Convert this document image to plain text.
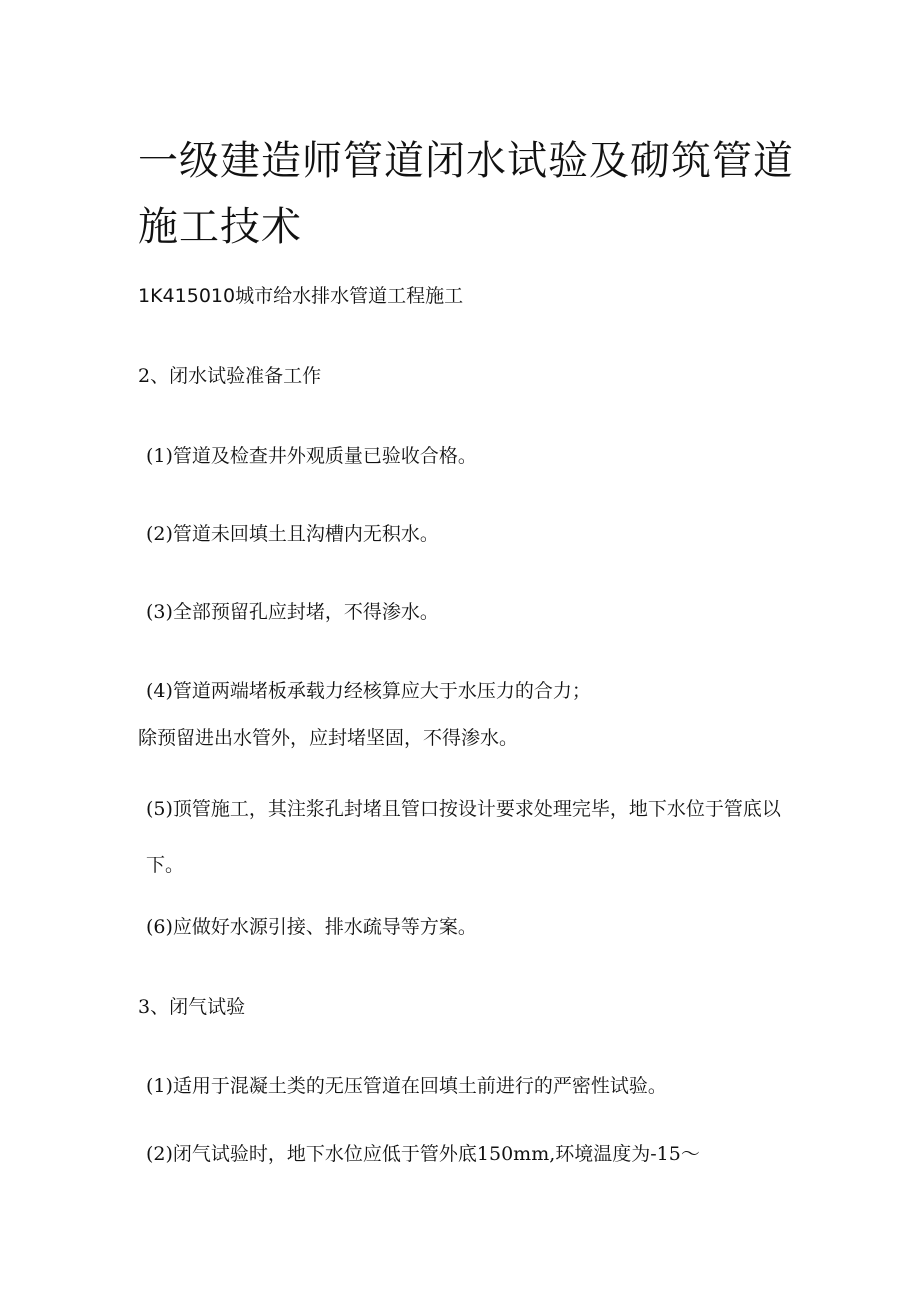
一级建造师管道闭水试验及砌筑管道施工技术

1K415010城市给水排水管道工程施工

2、闭水试验准备工作

(1)管道及检查井外观质量已验收合格。

(2)管道未回填土且沟槽内无积水。

(3)全部预留孔应封堵，不得渗水。

(4)管道两端堵板承载力经核算应大于水压力的合力；

除预留进出水管外，应封堵坚固，不得渗水。

(5)顶管施工，其注浆孔封堵且管口按设计要求处理完毕，地下水位于管底以下。

(6)应做好水源引接、排水疏导等方案。

3、闭气试验

(1)适用于混凝土类的无压管道在回填土前进行的严密性试验。

(2)闭气试验时，地下水位应低于管外底150mm,环境温度为-15～
